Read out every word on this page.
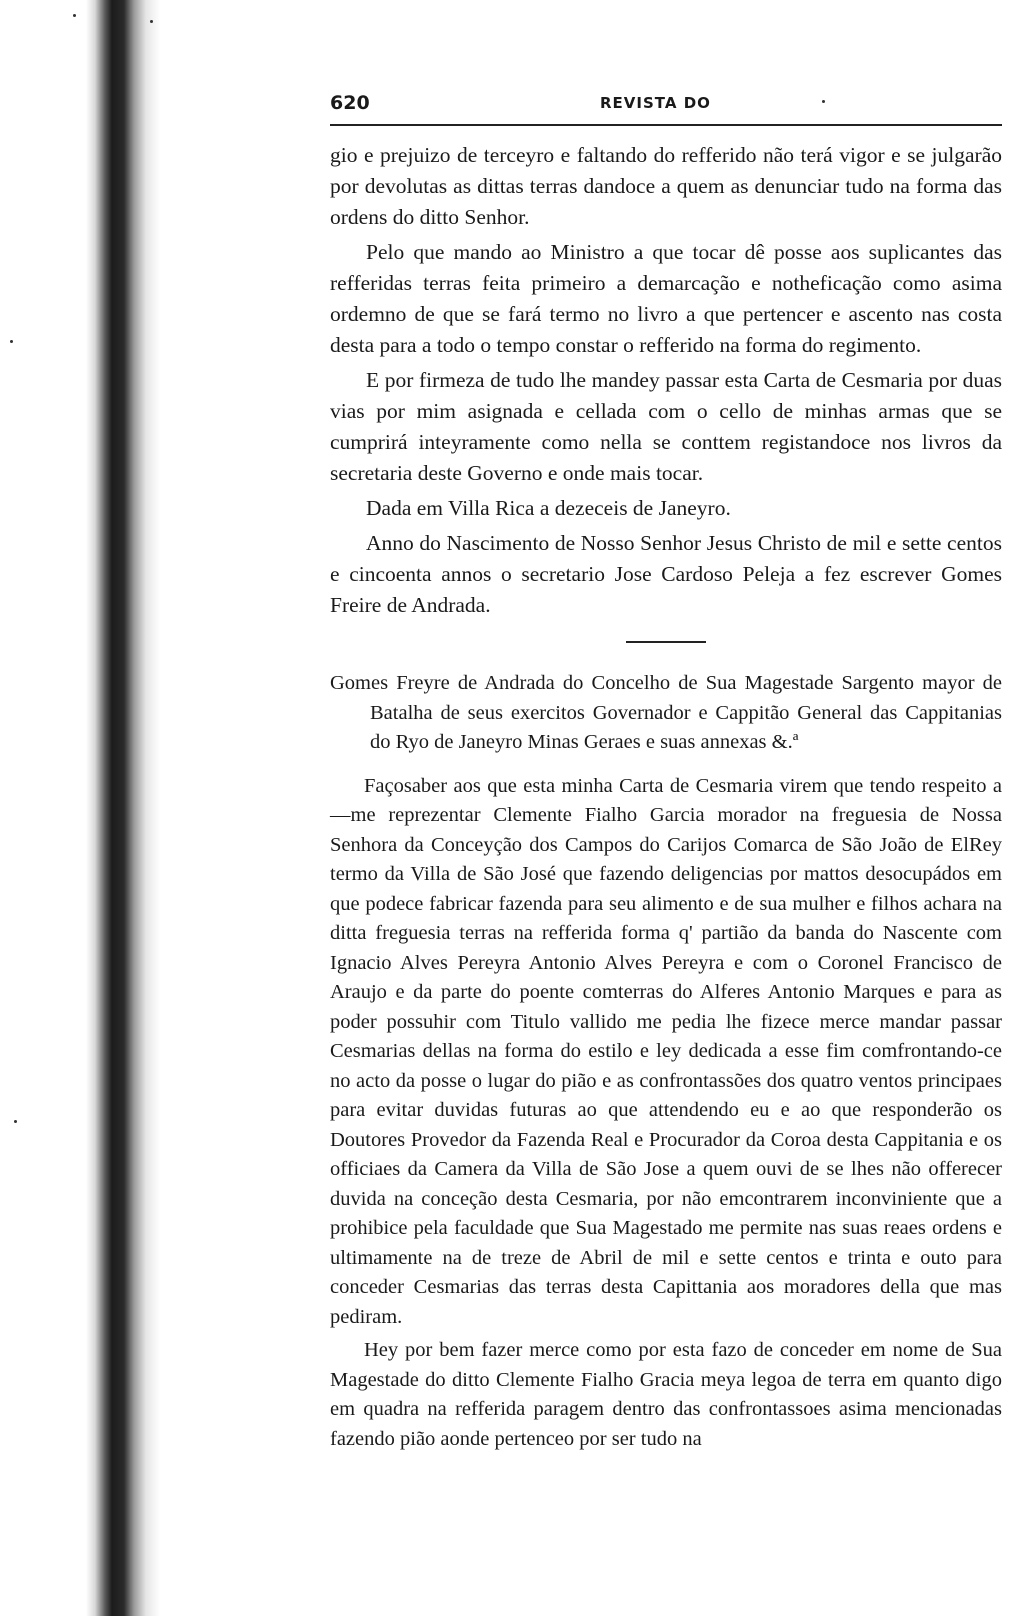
620	REVISTA DO

gio e prejuizo de terceyro e faltando do refferido não terá vigor e se julgarão por devolutas as dittas terras dandoce a quem as denunciar tudo na forma das ordens do ditto Senhor.

Pelo que mando ao Ministro a que tocar dê posse aos suplicantes das refferidas terras feita primeiro a demarcação e notheficação como asima ordemno de que se fará termo no livro a que pertencer e ascento nas costa desta para a todo o tempo constar o refferido na forma do regimento.

E por firmeza de tudo lhe mandey passar esta Carta de Cesmaria por duas vias por mim asignada e cellada com o cello de minhas armas que se cumprirá inteyramente como nella se conttem registandoce nos livros da secretaria deste Governo e onde mais tocar.

Dada em Villa Rica a dezeceis de Janeyro.

Anno do Nascimento de Nosso Senhor Jesus Christo de mil e sette centos e cincoenta annos o secretario Jose Cardoso Peleja a fez escrever Gomes Freire de Andrada.

Gomes Freyre de Andrada do Concelho de Sua Magestade Sargento mayor de Batalha de seus exercitos Governador e Cappitão General das Cappitanias do Ryo de Janeyro Minas Geraes e suas annexas &.ª

Façosaber aos que esta minha Carta de Cesmaria virem que tendo respeito a —me reprezentar Clemente Fialho Garcia morador na freguesia de Nossa Senhora da Conceyção dos Campos do Carijos Comarca de São João de ElRey termo da Villa de São José que fazendo deligencias por mattos desocupádos em que podece fabricar fazenda para seu alimento e de sua mulher e filhos achara na ditta freguesia terras na refferida forma q' partião da banda do Nascente com Ignacio Alves Pereyra Antonio Alves Pereyra e com o Coronel Francisco de Araujo e da parte do poente comterras do Alferes Antonio Marques e para as poder possuhir com Titulo vallido me pedia lhe fizece merce mandar passar Cesmarias dellas na forma do estilo e ley dedicada a esse fim comfrontando-ce no acto da posse o lugar do pião e as confrontassões dos quatro ventos principaes para evitar duvidas futuras ao que attendendo eu e ao que responderão os Doutores Provedor da Fazenda Real e Procurador da Coroa desta Cappitania e os officiaes da Camera da Villa de São Jose a quem ouvi de se lhes não offerecer duvida na conceção desta Cesmaria, por não emcontrarem inconviniente que a prohibice pela faculdade que Sua Magestado me permite nas suas reaes ordens e ultimamente na de treze de Abril de mil e sette centos e trinta e outo para conceder Cesmarias das terras desta Capittania aos moradores della que mas pediram.

Hey por bem fazer merce como por esta fazo de conceder em nome de Sua Magestade do ditto Clemente Fialho Gracia meya legoa de terra em quanto digo em quadra na refferida paragem dentro das confrontassoes asima mencionadas fazendo pião aonde pertenceo por ser tudo na
